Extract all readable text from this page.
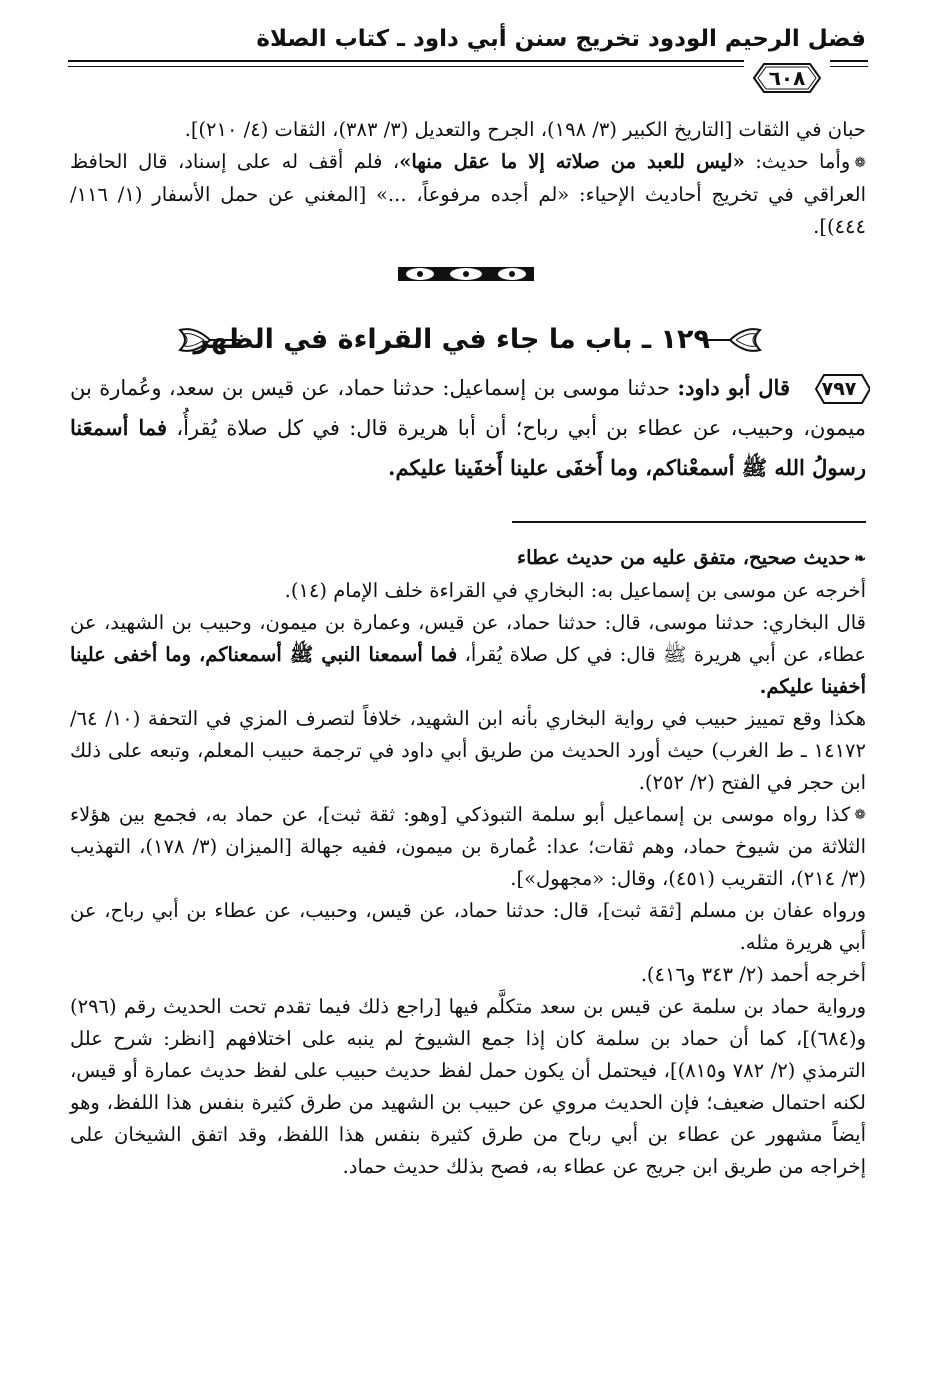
فضل الرحيم الودود تخريج سنن أبي داود ـ كتاب الصلاة
٦٠٨
حبان في الثقات [التاريخ الكبير (٣/ ١٩٨)، الجرح والتعديل (٣/ ٣٨٣)، الثقات (٤/ ٢١٠)].
❁وأما حديث: «ليس للعبد من صلاته إلا ما عقل منها»، فلم أقف له على إسناد، قال الحافظ العراقي في تخريج أحاديث الإحياء: «لم أجده مرفوعاً، ...» [المغني عن حمل الأسفار (١/ ١١٦/ ٤٤٤)].
١٢٩ ـ باب ما جاء في القراءة في الظهر
٧٩٧
قال أبو داود: حدثنا موسى بن إسماعيل: حدثنا حماد، عن قيس بن سعد، وعُمارة بن ميمون، وحبيب، عن عطاء بن أبي رباح؛ أن أبا هريرة قال: في كل صلاة يُقرأُ، فما أسمعَنا رسولُ الله ﷺ أسمعْناكم، وما أَخفَى علينا أَخفَينا عليكم.
❧حديث صحيح، متفق عليه من حديث عطاء
أخرجه عن موسى بن إسماعيل به: البخاري في القراءة خلف الإمام (١٤).
قال البخاري: حدثنا موسى، قال: حدثنا حماد، عن قيس، وعمارة بن ميمون، وحبيب بن الشهيد، عن عطاء، عن أبي هريرة ﷺ قال: في كل صلاة يُقرأ، فما أسمعنا النبي ﷺ أسمعناكم، وما أخفى علينا أخفينا عليكم.
هكذا وقع تمييز حبيب في رواية البخاري بأنه ابن الشهيد، خلافاً لتصرف المزي في التحفة (١٠/ ٦٤/ ١٤١٧٢ ـ ط الغرب) حيث أورد الحديث من طريق أبي داود في ترجمة حبيب المعلم، وتبعه على ذلك ابن حجر في الفتح (٢/ ٢٥٢).
❁كذا رواه موسى بن إسماعيل أبو سلمة التبوذكي [وهو: ثقة ثبت]، عن حماد به، فجمع بين هؤلاء الثلاثة من شيوخ حماد، وهم ثقات؛ عدا: عُمارة بن ميمون، ففيه جهالة [الميزان (٣/ ١٧٨)، التهذيب (٣/ ٢١٤)، التقريب (٤٥١)، وقال: «مجهول»].
ورواه عفان بن مسلم [ثقة ثبت]، قال: حدثنا حماد، عن قيس، وحبيب، عن عطاء بن أبي رباح، عن أبي هريرة مثله.
أخرجه أحمد (٢/ ٣٤٣ و٤١٦).
ورواية حماد بن سلمة عن قيس بن سعد متكلَّم فيها [راجع ذلك فيما تقدم تحت الحديث رقم (٢٩٦) و(٦٨٤)]، كما أن حماد بن سلمة كان إذا جمع الشيوخ لم ينبه على اختلافهم [انظر: شرح علل الترمذي (٢/ ٧٨٢ و٨١٥)]، فيحتمل أن يكون حمل لفظ حديث حبيب على لفظ حديث عمارة أو قيس، لكنه احتمال ضعيف؛ فإن الحديث مروي عن حبيب بن الشهيد من طرق كثيرة بنفس هذا اللفظ، وهو أيضاً مشهور عن عطاء بن أبي رباح من طرق كثيرة بنفس هذا اللفظ، وقد اتفق الشيخان على إخراجه من طريق ابن جريج عن عطاء به، فصح بذلك حديث حماد.
